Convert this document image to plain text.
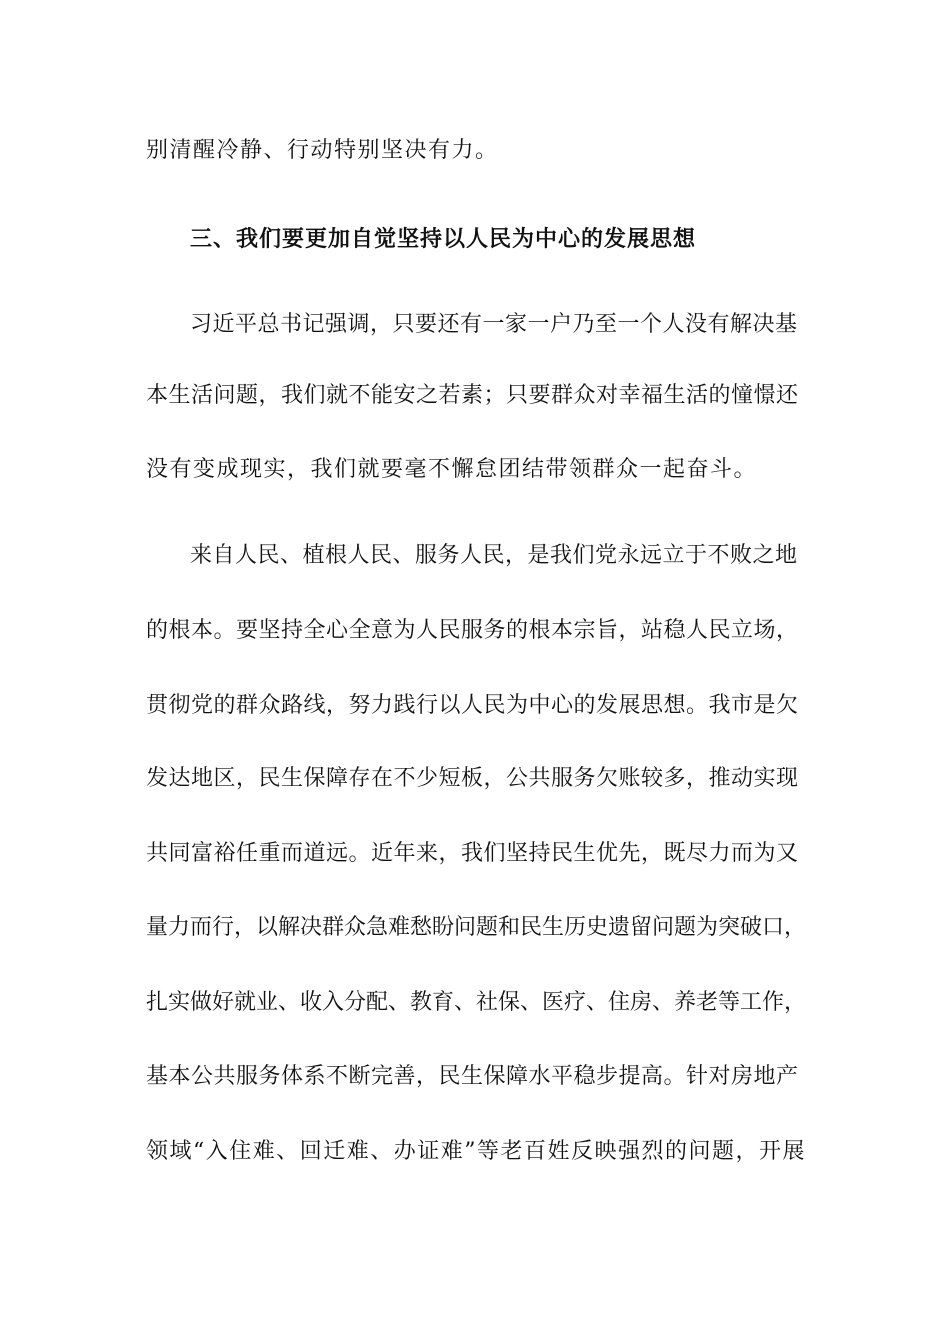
别清醒冷静、行动特别坚决有力。
三、我们要更加自觉坚持以人民为中心的发展思想
习近平总书记强调，只要还有一家一户乃至一个人没有解决基
本生活问题，我们就不能安之若素；只要群众对幸福生活的憧憬还
没有变成现实，我们就要毫不懈怠团结带领群众一起奋斗。
来自人民、植根人民、服务人民，是我们党永远立于不败之地
的根本。要坚持全心全意为人民服务的根本宗旨，站稳人民立场，
贯彻党的群众路线，努力践行以人民为中心的发展思想。我市是欠
发达地区，民生保障存在不少短板，公共服务欠账较多，推动实现
共同富裕任重而道远。近年来，我们坚持民生优先，既尽力而为又
量力而行，以解决群众急难愁盼问题和民生历史遗留问题为突破口，
扎实做好就业、收入分配、教育、社保、医疗、住房、养老等工作，
基本公共服务体系不断完善，民生保障水平稳步提高。针对房地产
领域“入住难、回迁难、办证难”等老百姓反映强烈的问题，开展
